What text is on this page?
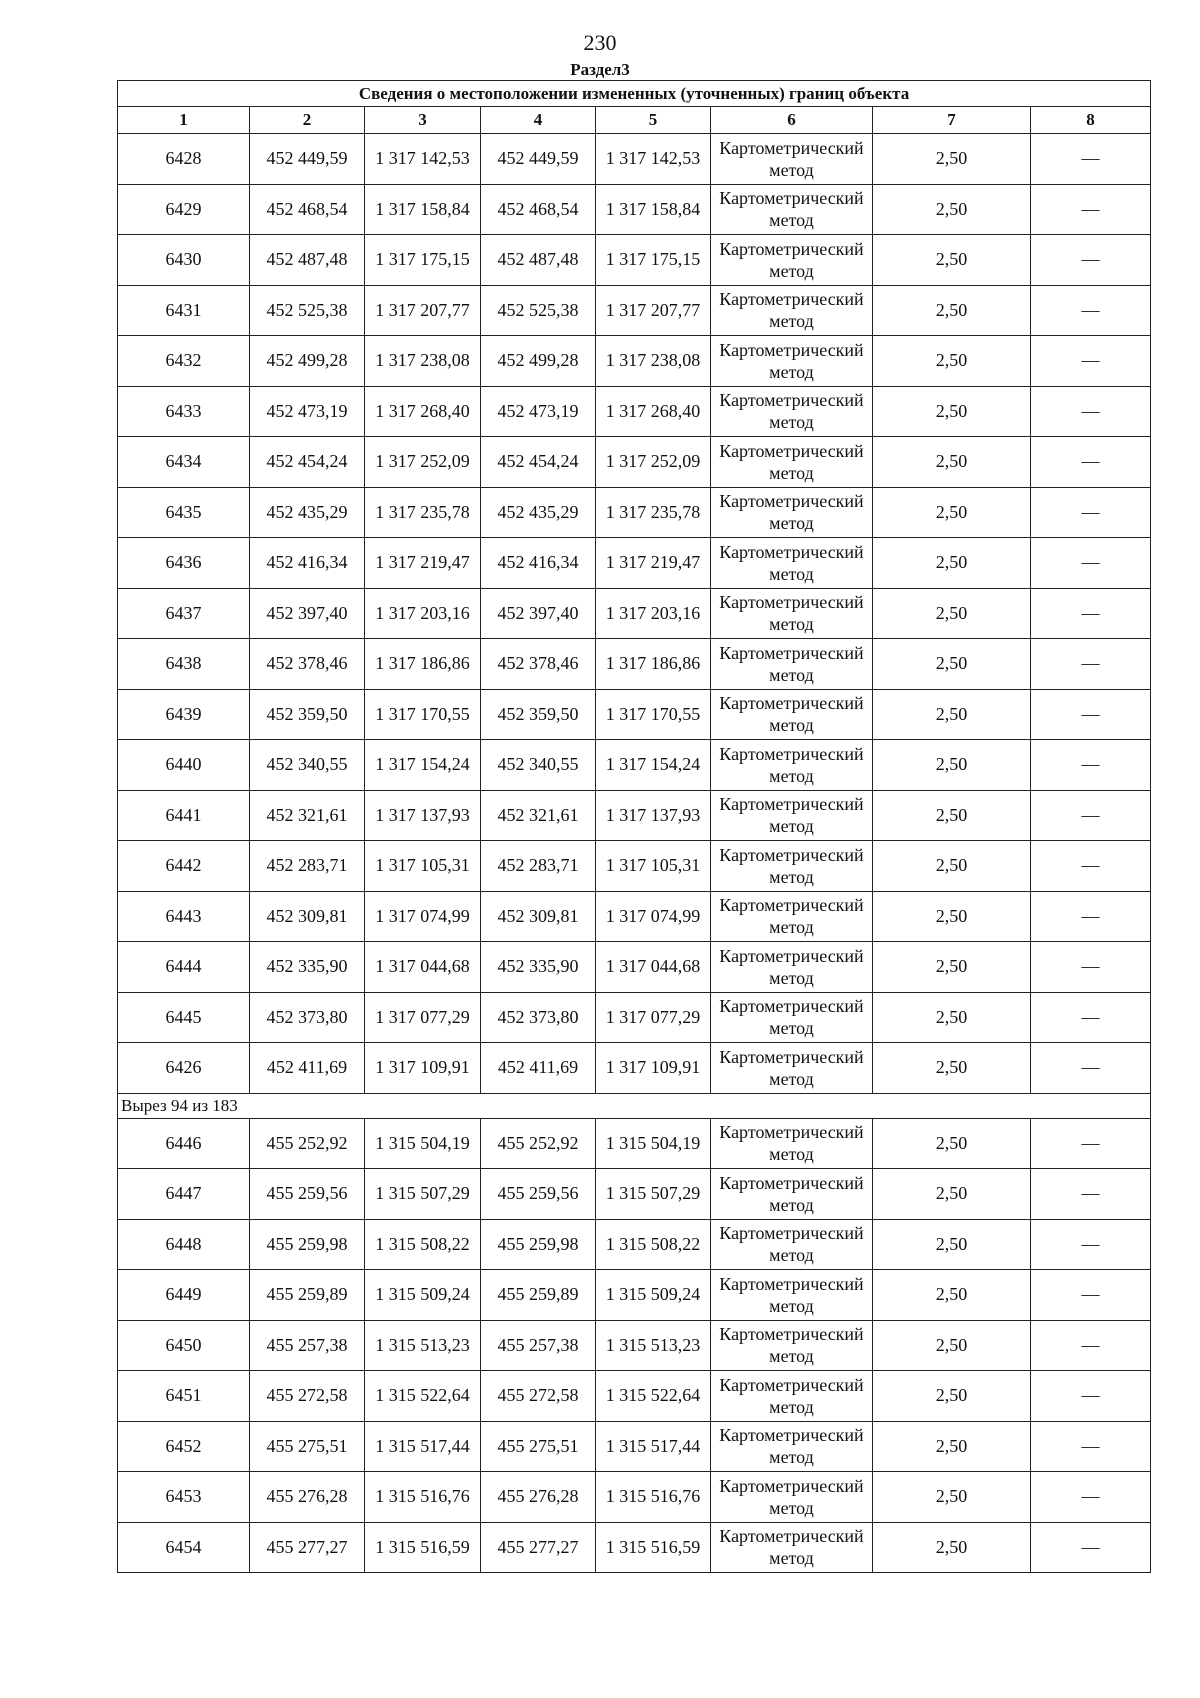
230
Раздел3
Сведения о местоположении измененных (уточненных) границ объекта							
1	2	3	4	5	6	7	8
6428	452 449,59	1 317 142,53	452 449,59	1 317 142,53	Картометрический метод	2,50	—
6429	452 468,54	1 317 158,84	452 468,54	1 317 158,84	Картометрический метод	2,50	—
6430	452 487,48	1 317 175,15	452 487,48	1 317 175,15	Картометрический метод	2,50	—
6431	452 525,38	1 317 207,77	452 525,38	1 317 207,77	Картометрический метод	2,50	—
6432	452 499,28	1 317 238,08	452 499,28	1 317 238,08	Картометрический метод	2,50	—
6433	452 473,19	1 317 268,40	452 473,19	1 317 268,40	Картометрический метод	2,50	—
6434	452 454,24	1 317 252,09	452 454,24	1 317 252,09	Картометрический метод	2,50	—
6435	452 435,29	1 317 235,78	452 435,29	1 317 235,78	Картометрический метод	2,50	—
6436	452 416,34	1 317 219,47	452 416,34	1 317 219,47	Картометрический метод	2,50	—
6437	452 397,40	1 317 203,16	452 397,40	1 317 203,16	Картометрический метод	2,50	—
6438	452 378,46	1 317 186,86	452 378,46	1 317 186,86	Картометрический метод	2,50	—
6439	452 359,50	1 317 170,55	452 359,50	1 317 170,55	Картометрический метод	2,50	—
6440	452 340,55	1 317 154,24	452 340,55	1 317 154,24	Картометрический метод	2,50	—
6441	452 321,61	1 317 137,93	452 321,61	1 317 137,93	Картометрический метод	2,50	—
6442	452 283,71	1 317 105,31	452 283,71	1 317 105,31	Картометрический метод	2,50	—
6443	452 309,81	1 317 074,99	452 309,81	1 317 074,99	Картометрический метод	2,50	—
6444	452 335,90	1 317 044,68	452 335,90	1 317 044,68	Картометрический метод	2,50	—
6445	452 373,80	1 317 077,29	452 373,80	1 317 077,29	Картометрический метод	2,50	—
6426	452 411,69	1 317 109,91	452 411,69	1 317 109,91	Картометрический метод	2,50	—
Вырез 94 из 183							
6446	455 252,92	1 315 504,19	455 252,92	1 315 504,19	Картометрический метод	2,50	—
6447	455 259,56	1 315 507,29	455 259,56	1 315 507,29	Картометрический метод	2,50	—
6448	455 259,98	1 315 508,22	455 259,98	1 315 508,22	Картометрический метод	2,50	—
6449	455 259,89	1 315 509,24	455 259,89	1 315 509,24	Картометрический метод	2,50	—
6450	455 257,38	1 315 513,23	455 257,38	1 315 513,23	Картометрический метод	2,50	—
6451	455 272,58	1 315 522,64	455 272,58	1 315 522,64	Картометрический метод	2,50	—
6452	455 275,51	1 315 517,44	455 275,51	1 315 517,44	Картометрический метод	2,50	—
6453	455 276,28	1 315 516,76	455 276,28	1 315 516,76	Картометрический метод	2,50	—
6454	455 277,27	1 315 516,59	455 277,27	1 315 516,59	Картометрический метод	2,50	—
